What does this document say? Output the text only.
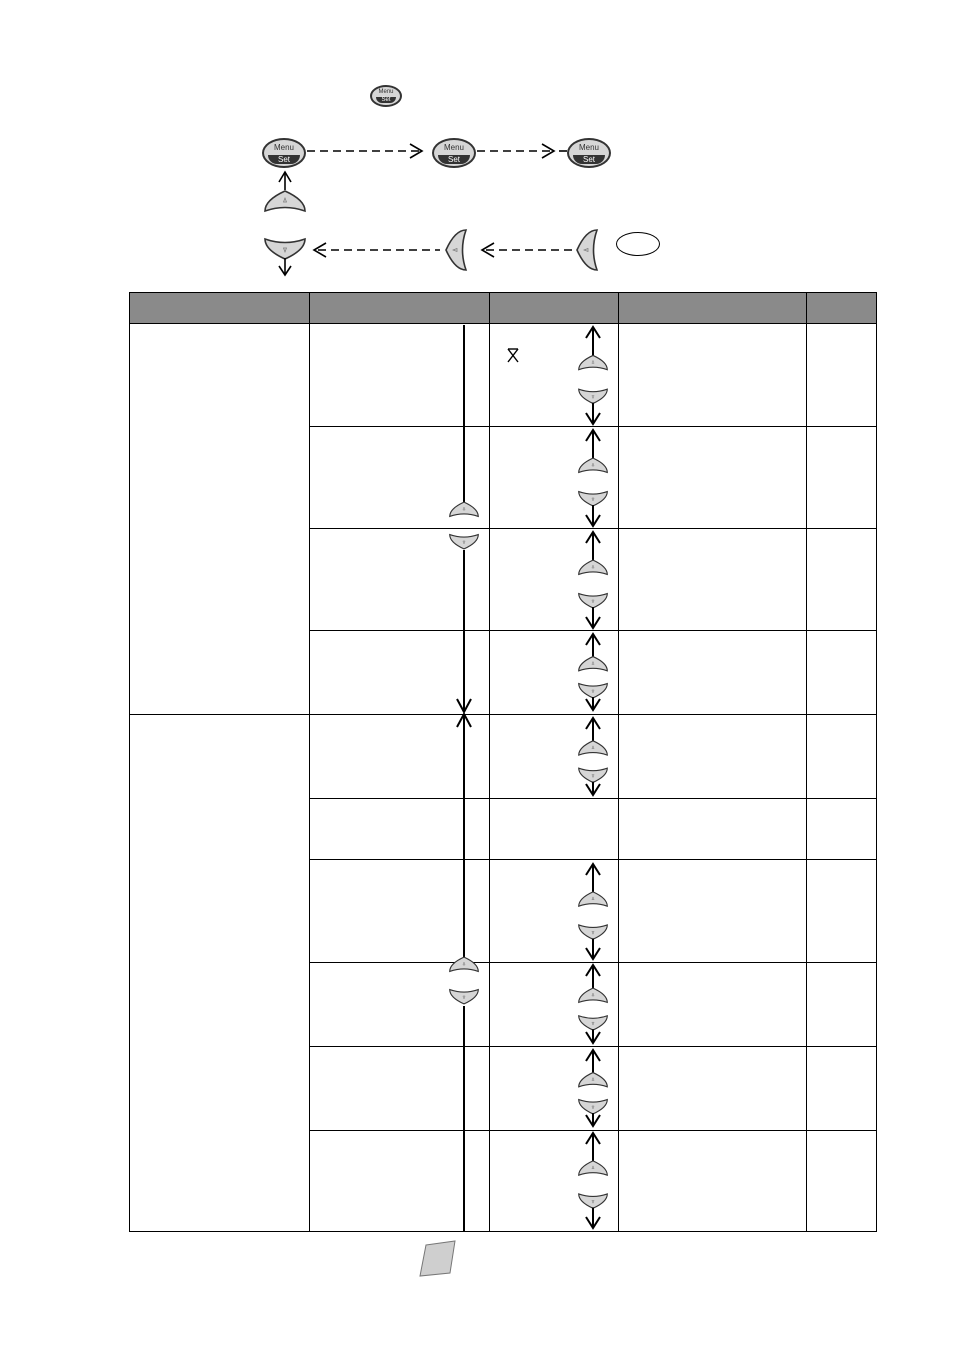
Menu
Set
Menu
Set
Menu
Set
Menu
Set
